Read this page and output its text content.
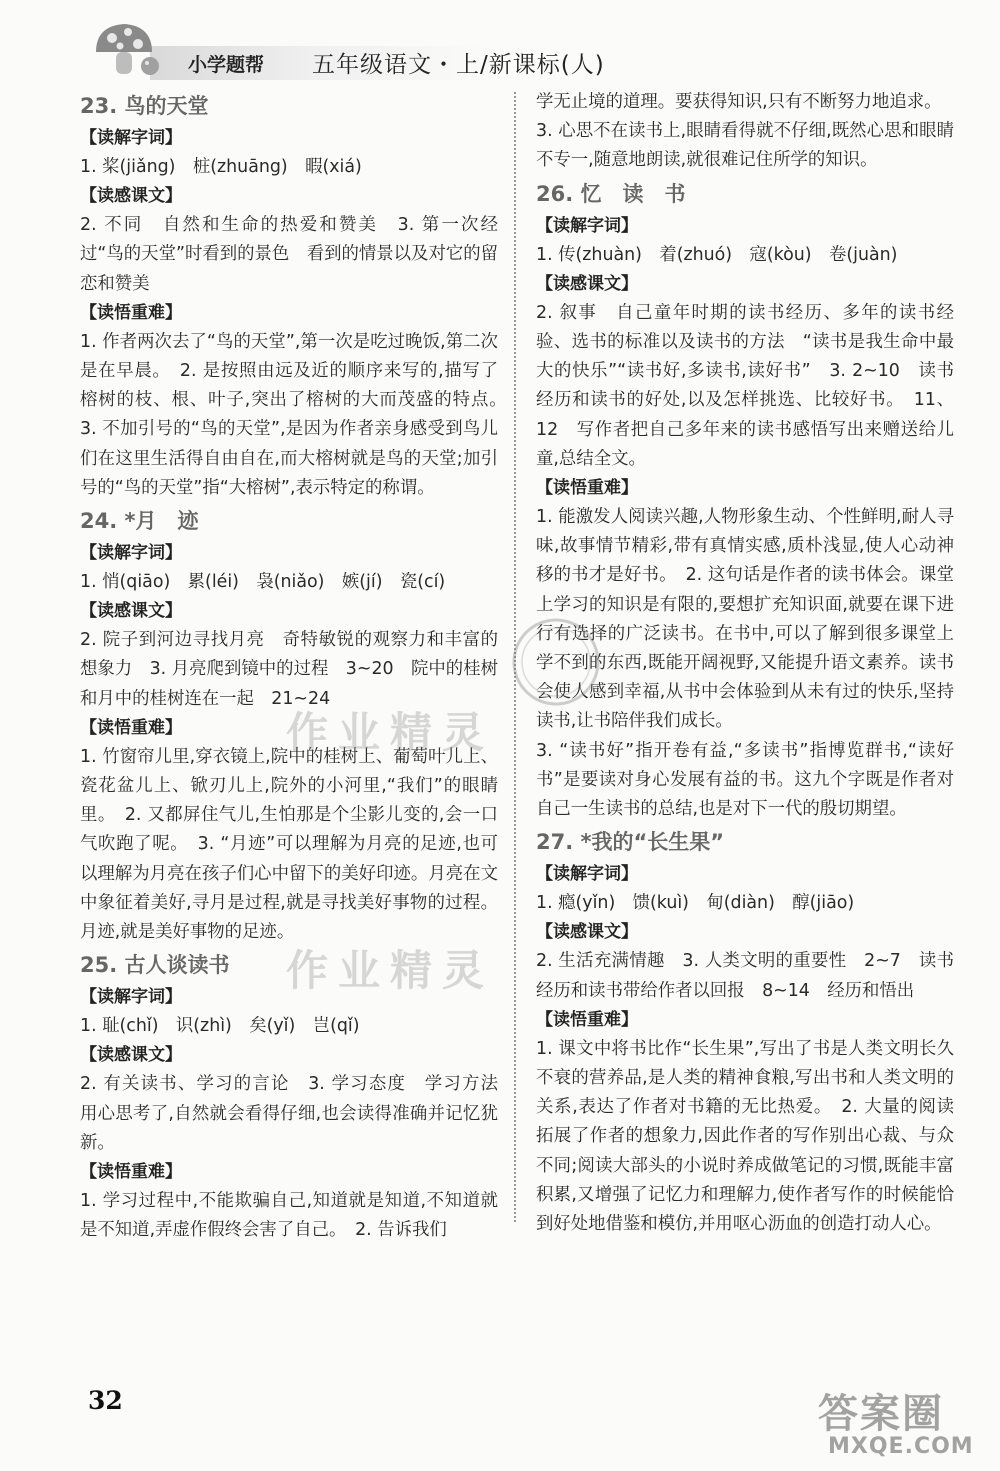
小学题帮 五年级语文・上/新课标(人)
23. 鸟的天堂
【读解字词】
1. 桨(jiǎng)　桩(zhuāng)　暇(xiá)
【读感课文】
2. 不同　自然和生命的热爱和赞美　3. 第一次经过“鸟的天堂”时看到的景色　看到的情景以及对它的留恋和赞美
【读悟重难】
1. 作者两次去了“鸟的天堂”,第一次是吃过晚饭,第二次是在早晨。　2. 是按照由远及近的顺序来写的,描写了榕树的枝、根、叶子,突出了榕树的大而茂盛的特点。　3. 不加引号的“鸟的天堂”,是因为作者亲身感受到鸟儿们在这里生活得自由自在,而大榕树就是鸟的天堂;加引号的“鸟的天堂”指“大榕树”,表示特定的称谓。
24. *月　迹
【读解字词】
1. 悄(qiāo)　累(léi)　袅(niǎo)　嫉(jí)　瓷(cí)
【读感课文】
2. 院子到河边寻找月亮　奇特敏锐的观察力和丰富的想象力　3. 月亮爬到镜中的过程　3~20　院中的桂树和月中的桂树连在一起　21~24
【读悟重难】
1. 竹窗帘儿里,穿衣镜上,院中的桂树上、葡萄叶儿上、瓷花盆儿上、锨刃儿上,院外的小河里,“我们”的眼睛里。　2. 又都屏住气儿,生怕那是个尘影儿变的,会一口气吹跑了呢。　3. “月迹”可以理解为月亮的足迹,也可以理解为月亮在孩子们心中留下的美好印迹。月亮在文中象征着美好,寻月是过程,就是寻找美好事物的过程。月迹,就是美好事物的足迹。
25. 古人谈读书
【读解字词】
1. 耻(chǐ)　识(zhì)　矣(yǐ)　岂(qǐ)
【读感课文】
2. 有关读书、学习的言论　3. 学习态度　学习方法　用心思考了,自然就会看得仔细,也会读得准确并记忆犹新。
【读悟重难】
1. 学习过程中,不能欺骗自己,知道就是知道,不知道就是不知道,弄虚作假终会害了自己。　2. 告诉我们
学无止境的道理。要获得知识,只有不断努力地追求。
3. 心思不在读书上,眼睛看得就不仔细,既然心思和眼睛不专一,随意地朗读,就很难记住所学的知识。
26. 忆　读　书
【读解字词】
1. 传(zhuàn)　着(zhuó)　寇(kòu)　卷(juàn)
【读感课文】
2. 叙事　自己童年时期的读书经历、多年的读书经验、选书的标准以及读书的方法　“读书是我生命中最大的快乐”“读书好,多读书,读好书”　3. 2~10　读书经历和读书的好处,以及怎样挑选、比较好书。　11、12　写作者把自己多年来的读书感悟写出来赠送给儿童,总结全文。
【读悟重难】
1. 能激发人阅读兴趣,人物形象生动、个性鲜明,耐人寻味,故事情节精彩,带有真情实感,质朴浅显,使人心动神移的书才是好书。　2. 这句话是作者的读书体会。课堂上学习的知识是有限的,要想扩充知识面,就要在课下进行有选择的广泛读书。在书中,可以了解到很多课堂上学不到的东西,既能开阔视野,又能提升语文素养。读书会使人感到幸福,从书中会体验到从未有过的快乐,坚持读书,让书陪伴我们成长。
3. “读书好”指开卷有益,“多读书”指博览群书,“读好书”是要读对身心发展有益的书。这九个字既是作者对自己一生读书的总结,也是对下一代的殷切期望。
27. *我的“长生果”
【读解字词】
1. 瘾(yǐn)　馈(kuì)　甸(diàn)　醇(jiāo)
【读感课文】
2. 生活充满情趣　3. 人类文明的重要性　2~7　读书经历和读书带给作者以回报　8~14　经历和悟出
【读悟重难】
1. 课文中将书比作“长生果”,写出了书是人类文明长久不衰的营养品,是人类的精神食粮,写出书和人类文明的关系,表达了作者对书籍的无比热爱。　2. 大量的阅读拓展了作者的想象力,因此作者的写作别出心裁、与众不同;阅读大部头的小说时养成做笔记的习惯,既能丰富积累,又增强了记忆力和理解力,使作者写作的时候能恰到好处地借鉴和模仿,并用呕心沥血的创造打动人心。
作业精灵
作业精灵
32	答案圈
MXQE.COM
